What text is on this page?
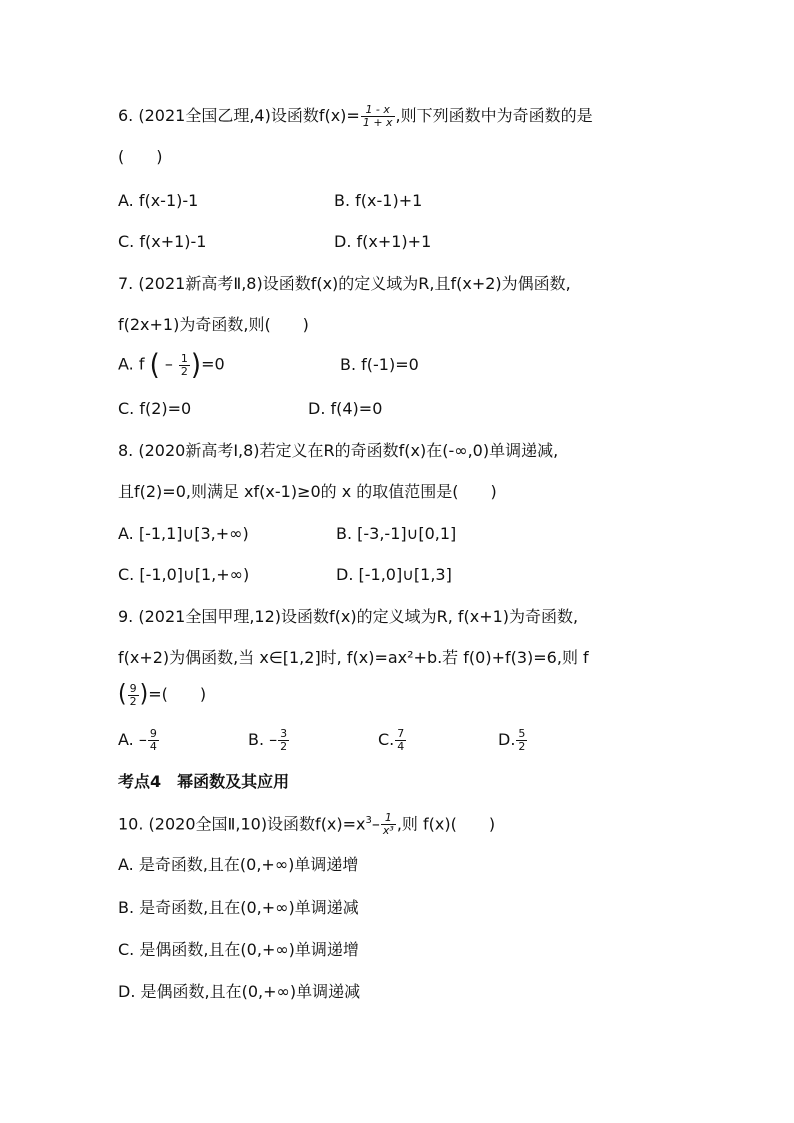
6. (2021全国乙理,4)设函数$f(x)= \frac{1 - x}{1 + x}$ ,则下列函数中为奇函数的是
(　　)
A. f(x-1)-1	B. f(x-1)+1
C. f(x+1)-1	D. f(x+1)+1
7. (2021新高考Ⅱ,8)设函数f(x)的定义域为R,且f(x+2)为偶函数,
f(2x+1)为奇函数,则(　　)
A. f ( – $\frac{1}{2} )=0$	B. f(-1)=0
C. f(2)=0	D. f(4)=0
8. (2020新高考Ⅰ,8)若定义在R的奇函数f(x)在(-∞,0)单调递减,
且f(2)=0,则满足 xf(x-1)≥0的 x 的取值范围是(　　)
A. [-1,1]∪[3,+∞)	B. [-3,-1]∪[0,1]
C. [-1,0]∪[1,+∞)	D. [-1,0]∪[1,3]
9. (2021全国甲理,12)设函数f(x)的定义域为R, f(x+1)为奇函数,
f(x+2)为偶函数,当 x∈[1,2]时, f(x)=ax²+b.若 f(0)+f(3)=6,则 f
( $\frac{9}{2}$ )=(　　)
A. – $\frac{9}{4}$	B. – $\frac{3}{2}$	C. $\frac{7}{4}$	D. $\frac{5}{2}$
考点4　幂函数及其应用
10. (2020全国Ⅱ,10)设函数$f(x)=x^3- \frac{1}{\text{x³}}$ ,则 f(x)(　　)
A. 是奇函数,且在(0,+∞)单调递增
B. 是奇函数,且在(0,+∞)单调递减
C. 是偶函数,且在(0,+∞)单调递增
D. 是偶函数,且在(0,+∞)单调递减
